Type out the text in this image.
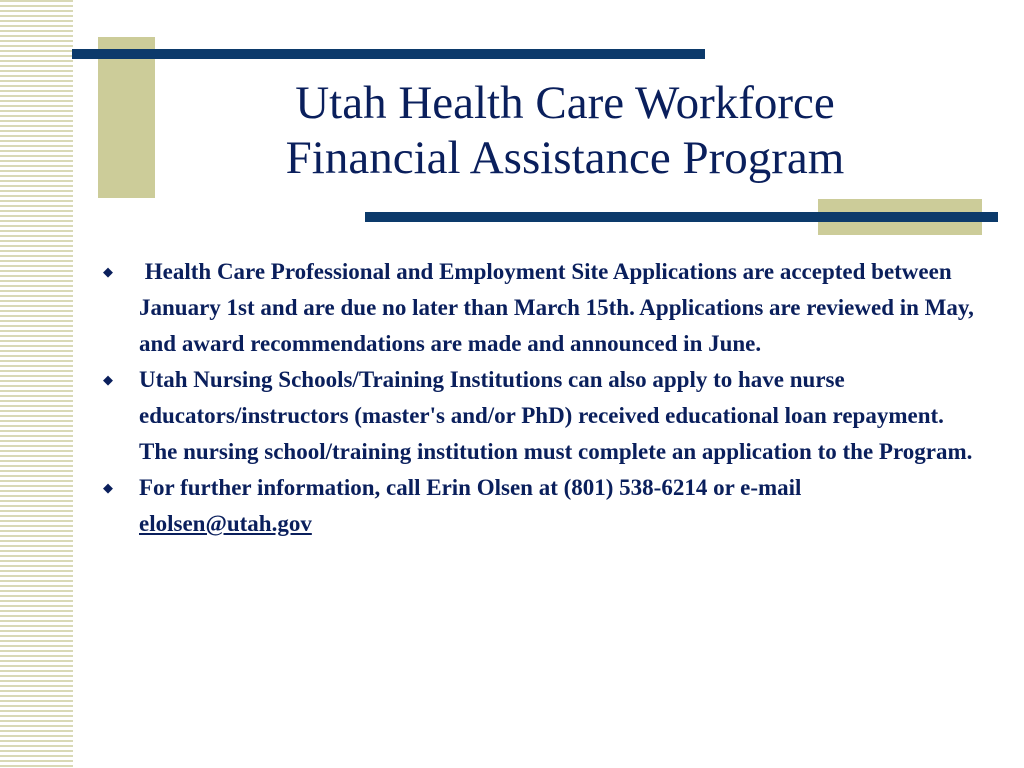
Utah Health Care Workforce
Financial Assistance Program
◆ Health Care Professional and Employment Site Applications are accepted between January 1st and are due no later than March 15th. Applications are reviewed in May, and award recommendations are made and announced in June.
◆ Utah Nursing Schools/Training Institutions can also apply to have nurse educators/instructors (master's and/or PhD) received educational loan repayment. The nursing school/training institution must complete an application to the Program.
◆ For further information, call Erin Olsen at (801) 538-6214 or e-mail elolsen@utah.gov
